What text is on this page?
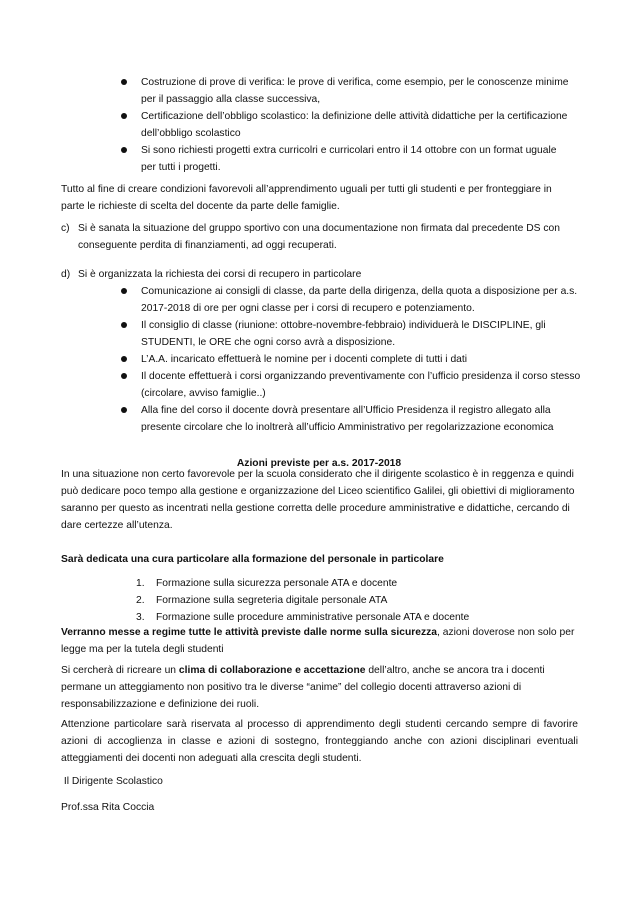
Costruzione di prove di verifica: le prove di verifica, come esempio, per le conoscenze minime per il passaggio alla classe successiva,
Certificazione dell’obbligo scolastico: la definizione delle attività didattiche per la certificazione dell’obbligo scolastico
Si sono richiesti progetti extra curricolri e curricolari entro il 14 ottobre con un format uguale per tutti i progetti.
Tutto al fine di creare condizioni favorevoli all’apprendimento uguali per tutti gli studenti e per fronteggiare in parte le richieste di scelta del docente da parte delle famiglie.
c) Si è sanata la situazione del gruppo sportivo con una documentazione non firmata dal precedente DS con conseguente perdita di finanziamenti, ad oggi recuperati.
d) Si è organizzata la richiesta dei corsi di recupero in particolare
Comunicazione ai consigli di classe, da parte della dirigenza, della quota a disposizione per a.s. 2017-2018 di ore per ogni classe per i corsi di recupero e potenziamento.
Il consiglio di classe (riunione: ottobre-novembre-febbraio) individuerà le DISCIPLINE, gli STUDENTI, le ORE che ogni corso avrà a disposizione.
L’A.A. incaricato effettuerà le nomine per i docenti complete di tutti i dati
Il docente effettuerà i corsi organizzando preventivamente con l’ufficio presidenza il corso stesso (circolare, avviso famiglie..)
Alla fine del corso il docente dovrà presentare all’Ufficio Presidenza il registro allegato alla presente circolare che lo inoltrerà all’ufficio Amministrativo per regolarizzazione economica
Azioni previste per a.s. 2017-2018
In una situazione non certo favorevole per la scuola considerato che il dirigente scolastico è in reggenza e quindi può dedicare poco tempo alla gestione e organizzazione del Liceo scientifico Galilei, gli obiettivi di miglioramento saranno per questo as incentrati nella gestione corretta delle procedure amministrative e didattiche, cercando di dare certezze all’utenza.
Sarà dedicata una cura particolare alla formazione del personale in particolare
1. Formazione sulla sicurezza personale ATA e docente
2. Formazione sulla segreteria digitale personale ATA
3. Formazione sulle procedure amministrative personale ATA e docente
Verranno messe a regime tutte le attività previste dalle norme sulla sicurezza, azioni doverose non solo per legge ma per la tutela degli studenti
Si cercherà di ricreare un clima di collaborazione e accettazione dell’altro, anche se ancora tra i docenti permane un atteggiamento non positivo tra le diverse “anime” del collegio docenti attraverso azioni di responsabilizzazione e definizione dei ruoli.
Attenzione particolare sarà riservata al processo di apprendimento degli studenti cercando sempre di favorire azioni di accoglienza in classe e azioni di sostegno, fronteggiando anche con azioni disciplinari eventuali atteggiamenti dei docenti non adeguati alla crescita degli studenti.
Il Dirigente Scolastico
Prof.ssa Rita Coccia
